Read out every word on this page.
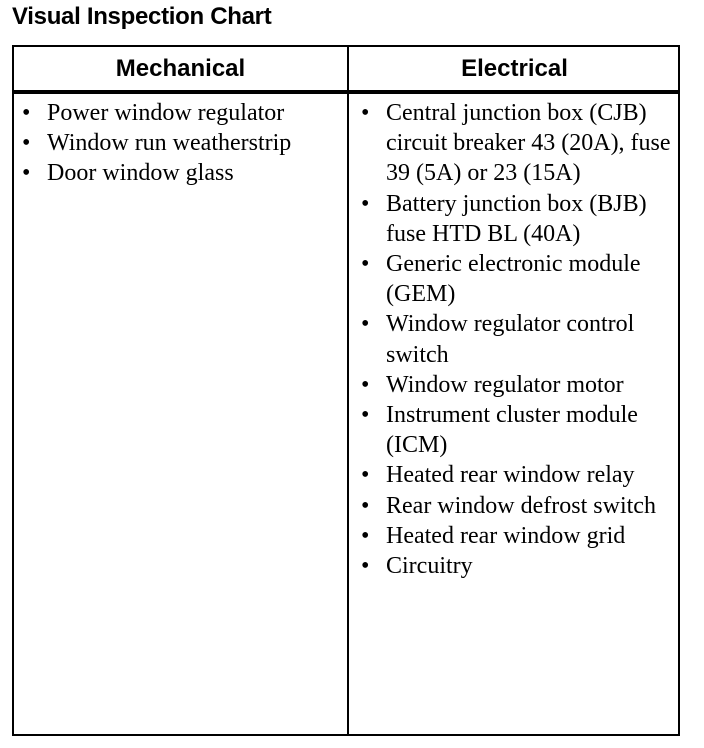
Visual Inspection Chart
Mechanical	Electrical
• Power window regulator
• Window run weatherstrip
• Door window glass
• Central junction box (CJB) circuit breaker 43 (20A), fuse 39 (5A) or 23 (15A)
• Battery junction box (BJB) fuse HTD BL (40A)
• Generic electronic module (GEM)
• Window regulator control switch
• Window regulator motor
• Instrument cluster module (ICM)
• Heated rear window relay
• Rear window defrost switch
• Heated rear window grid
• Circuitry
